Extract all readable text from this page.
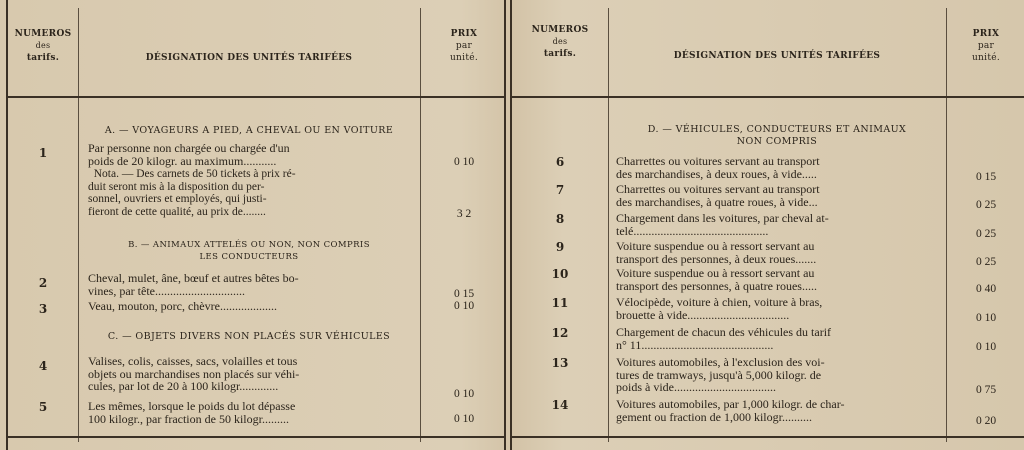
NUMEROS
des
tarifs.	DÉSIGNATION DES UNITÉS TARIFÉES
PRIX
par
unité.
A. — VOYAGEURS A PIED, A CHEVAL OU EN VOITURE
1	Par personne non chargée ou chargée d'un
poids de 20 kilogr. au maximum...........	0 10
Nota. — Des carnets de 50 tickets à prix ré-
duit seront mis à la disposition du per-
sonnel, ouvriers et employés, qui justi-
fieront de cette qualité, au prix de........	3 2
B. — ANIMAUX ATTELÉS OU NON, NON COMPRIS
LES CONDUCTEURS
2	Cheval, mulet, âne, bœuf et autres bêtes bo-
vines, par tête..............................	0 15
3	Veau, mouton, porc, chèvre...................	0 10
C. — OBJETS DIVERS NON PLACÉS SUR VÉHICULES
4	Valises, colis, caisses, sacs, volailles et tous
objets ou marchandises non placés sur véhi-
cules, par lot de 20 à 100 kilogr.............
0 10
5	Les mêmes, lorsque le poids du lot dépasse
100 kilogr., par fraction de 50 kilogr.........	0 10
NUMEROS
des
tarifs.	DÉSIGNATION DES UNITÉS TARIFÉES
PRIX
par
unité.
D. — VÉHICULES, CONDUCTEURS ET ANIMAUX
NON COMPRIS
6	Charrettes ou voitures servant au transport
des marchandises, à deux roues, à vide.....	0 15
7	Charrettes ou voitures servant au transport
des marchandises, à quatre roues, à vide...	0 25
8	Chargement dans les voitures, par cheval at-
telé.............................................	0 25
9	Voiture suspendue ou à ressort servant au
transport des personnes, à deux roues.......	0 25
10	Voiture suspendue ou à ressort servant au
transport des personnes, à quatre roues.....	0 40
11	Vélocipède, voiture à chien, voiture à bras,
brouette à vide..................................	0 10
12	Chargement de chacun des véhicules du tarif
n° 11............................................	0 10
13	Voitures automobiles, à l'exclusion des voi-
tures de tramways, jusqu'à 5,000 kilogr. de
poids à vide..................................	0 75
14	Voitures automobiles, par 1,000 kilogr. de char-
gement ou fraction de 1,000 kilogr..........	0 20
